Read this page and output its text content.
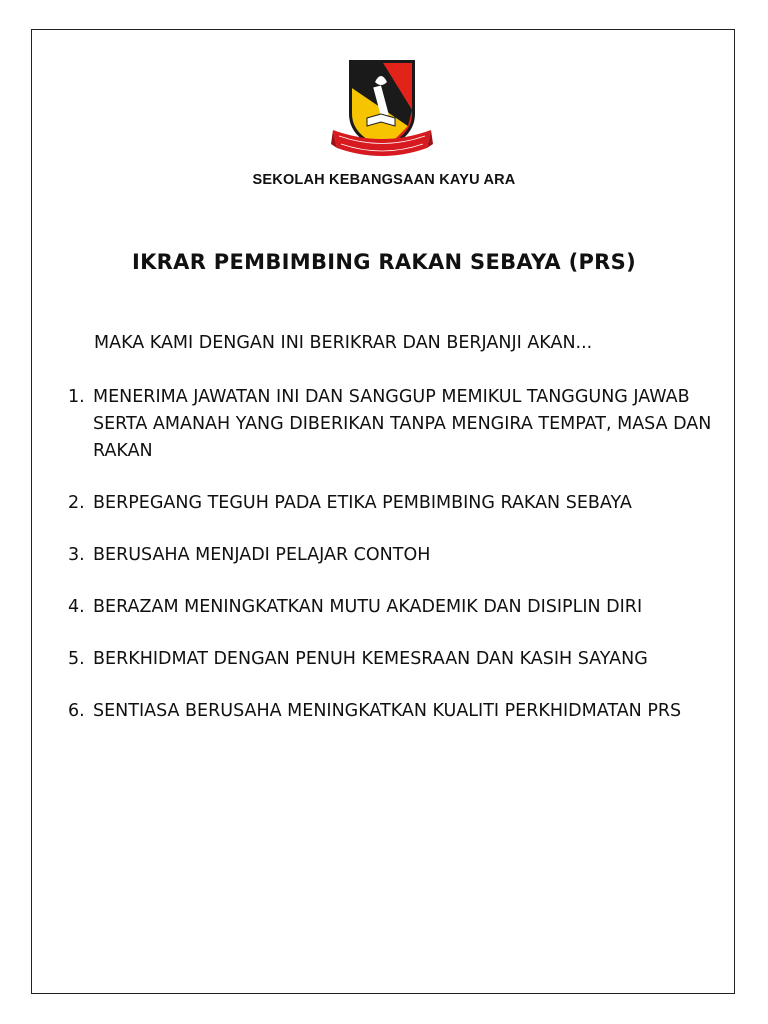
SEKOLAH KEBANGSAAN KAYU ARA
IKRAR PEMBIMBING RAKAN SEBAYA (PRS)
MAKA KAMI DENGAN INI BERIKRAR DAN BERJANJI AKAN...
1. MENERIMA JAWATAN INI DAN SANGGUP MEMIKUL TANGGUNG JAWAB SERTA AMANAH YANG DIBERIKAN TANPA MENGIRA TEMPAT, MASA DAN RAKAN
2. BERPEGANG TEGUH PADA ETIKA PEMBIMBING RAKAN SEBAYA
3. BERUSAHA MENJADI PELAJAR CONTOH
4. BERAZAM MENINGKATKAN MUTU AKADEMIK DAN DISIPLIN DIRI
5. BERKHIDMAT DENGAN PENUH KEMESRAAN DAN KASIH SAYANG
6. SENTIASA BERUSAHA MENINGKATKAN KUALITI PERKHIDMATAN PRS
